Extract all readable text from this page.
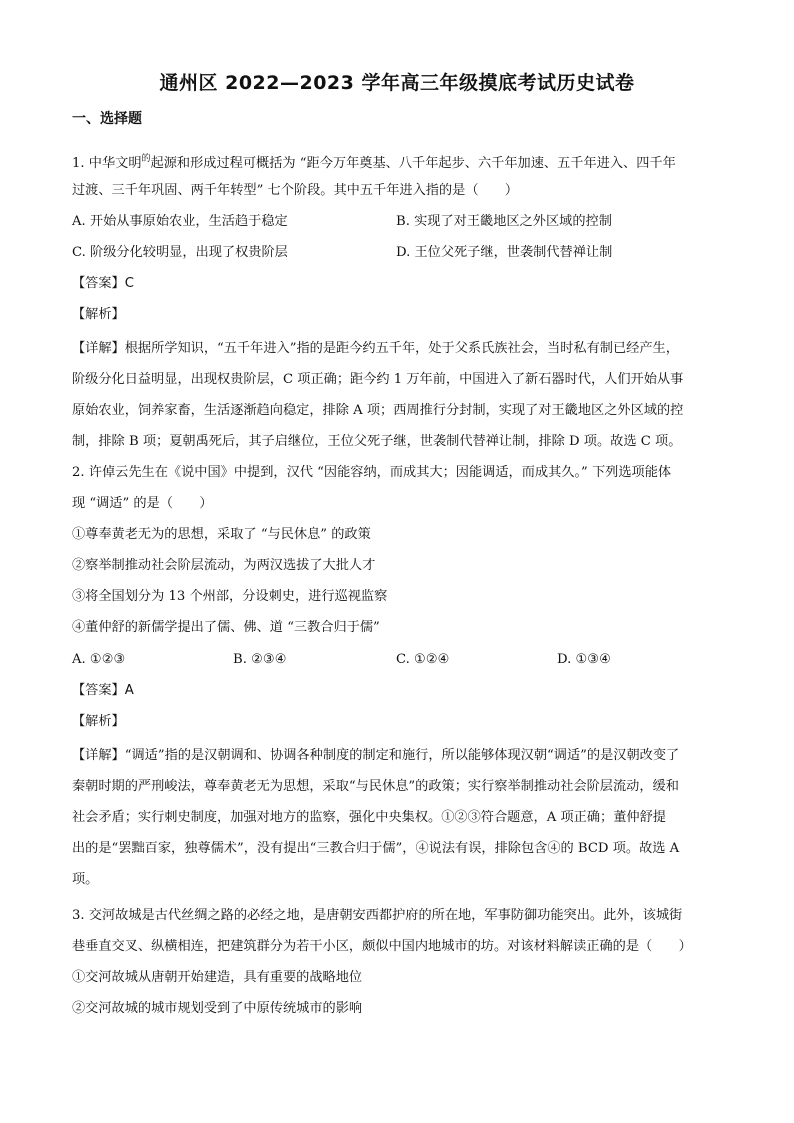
通州区 2022—2023 学年高三年级摸底考试历史试卷
一、选择题
1. 中华文明$^的$起源和形成过程可概括为 “距今万年奠基、八千年起步、六千年加速、五千年进入、四千年
过渡、三千年巩固、两千年转型” 七个阶段。其中五千年进入指的是（　　）
A. 开始从事原始农业，生活趋于稳定	B. 实现了对王畿地区之外区域的控制
C. 阶级分化较明显，出现了权贵阶层	D. 王位父死子继，世袭制代替禅让制
【答案】C
【解析】
【详解】根据所学知识，“五千年进入”指的是距今约五千年，处于父系氏族社会，当时私有制已经产生，
阶级分化日益明显，出现权贵阶层，C 项正确；距今约 1 万年前，中国进入了新石器时代，人们开始从事
原始农业，饲养家畜，生活逐渐趋向稳定，排除 A 项；西周推行分封制，实现了对王畿地区之外区域的控
制，排除 B 项；夏朝禹死后，其子启继位，王位父死子继，世袭制代替禅让制，排除 D 项。故选 C 项。
2. 许倬云先生在《说中国》中提到，汉代 “因能容纳，而成其大；因能调适，而成其久。” 下列选项能体
现 “调适” 的是（　　）
①尊奉黄老无为的思想，采取了 “与民休息” 的政策
②察举制推动社会阶层流动，为两汉选拔了大批人才
③将全国划分为 13 个州部，分设刺史，进行巡视监察
④董仲舒的新儒学提出了儒、佛、道 “三教合归于儒”
A. ①②③	B. ②③④	C. ①②④	D. ①③④
【答案】A
【解析】
【详解】“调适”指的是汉朝调和、协调各种制度的制定和施行，所以能够体现汉朝“调适”的是汉朝改变了
秦朝时期的严刑峻法，尊奉黄老无为思想，采取“与民休息”的政策；实行察举制推动社会阶层流动，缓和
社会矛盾；实行刺史制度，加强对地方的监察，强化中央集权。①②③符合题意，A 项正确；董仲舒提
出的是“罢黜百家，独尊儒术”，没有提出“三教合归于儒”，④说法有误，排除包含④的 BCD 项。故选 A
项。
3. 交河故城是古代丝绸之路的必经之地，是唐朝安西都护府的所在地，军事防御功能突出。此外，该城街
巷垂直交叉、纵横相连，把建筑群分为若干小区，颇似中国内地城市的坊。对该材料解读正确的是（　　）
①交河故城从唐朝开始建造，具有重要的战略地位
②交河故城的城市规划受到了中原传统城市的影响
